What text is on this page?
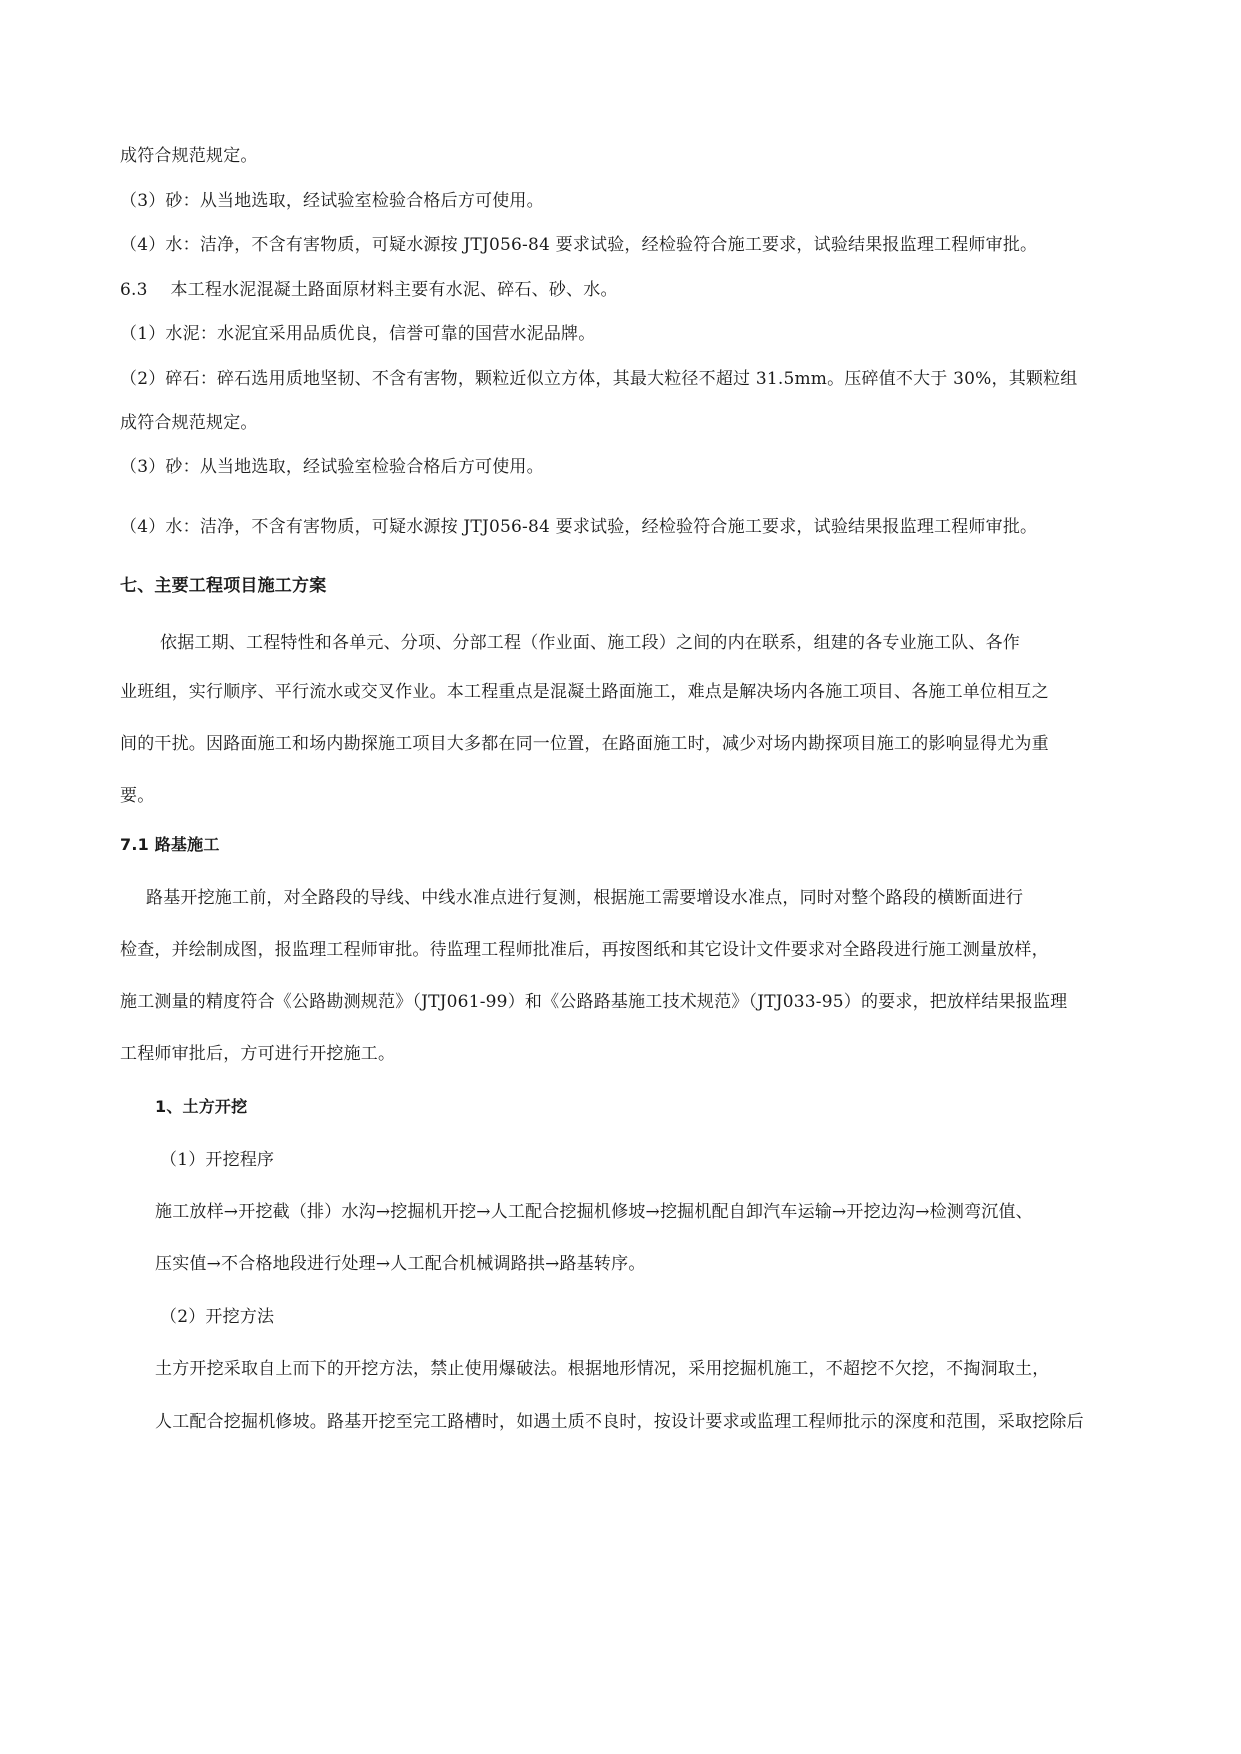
成符合规范规定。
（3）砂：从当地选取，经试验室检验合格后方可使用。
（4）水：洁净，不含有害物质，可疑水源按 JTJ056-84 要求试验，经检验符合施工要求，试验结果报监理工程师审批。
6.3　 本工程水泥混凝土路面原材料主要有水泥、碎石、砂、水。
（1）水泥：水泥宜采用品质优良，信誉可靠的国营水泥品牌。
（2）碎石：碎石选用质地坚韧、不含有害物，颗粒近似立方体，其最大粒径不超过 31.5mm。压碎值不大于 30%，其颗粒组
成符合规范规定。
（3）砂：从当地选取，经试验室检验合格后方可使用。
（4）水：洁净，不含有害物质，可疑水源按 JTJ056-84 要求试验，经检验符合施工要求，试验结果报监理工程师审批。
七、主要工程项目施工方案
依据工期、工程特性和各单元、分项、分部工程（作业面、施工段）之间的内在联系，组建的各专业施工队、各作
业班组，实行顺序、平行流水或交叉作业。本工程重点是混凝土路面施工，难点是解决场内各施工项目、各施工单位相互之
间的干扰。因路面施工和场内勘探施工项目大多都在同一位置，在路面施工时，减少对场内勘探项目施工的影响显得尤为重
要。
7.1 路基施工
路基开挖施工前，对全路段的导线、中线水准点进行复测，根据施工需要增设水准点，同时对整个路段的横断面进行
检查，并绘制成图，报监理工程师审批。待监理工程师批准后，再按图纸和其它设计文件要求对全路段进行施工测量放样，
施工测量的精度符合《公路勘测规范》（JTJ061-99）和《公路路基施工技术规范》（JTJ033-95）的要求，把放样结果报监理
工程师审批后，方可进行开挖施工。
1、土方开挖
（1）开挖程序
施工放样→开挖截（排）水沟→挖掘机开挖→人工配合挖掘机修坡→挖掘机配自卸汽车运输→开挖边沟→检测弯沉值、
压实值→不合格地段进行处理→人工配合机械调路拱→路基转序。
（2）开挖方法
土方开挖采取自上而下的开挖方法，禁止使用爆破法。根据地形情况，采用挖掘机施工，不超挖不欠挖，不掏洞取土，
人工配合挖掘机修坡。路基开挖至完工路槽时，如遇土质不良时，按设计要求或监理工程师批示的深度和范围，采取挖除后
